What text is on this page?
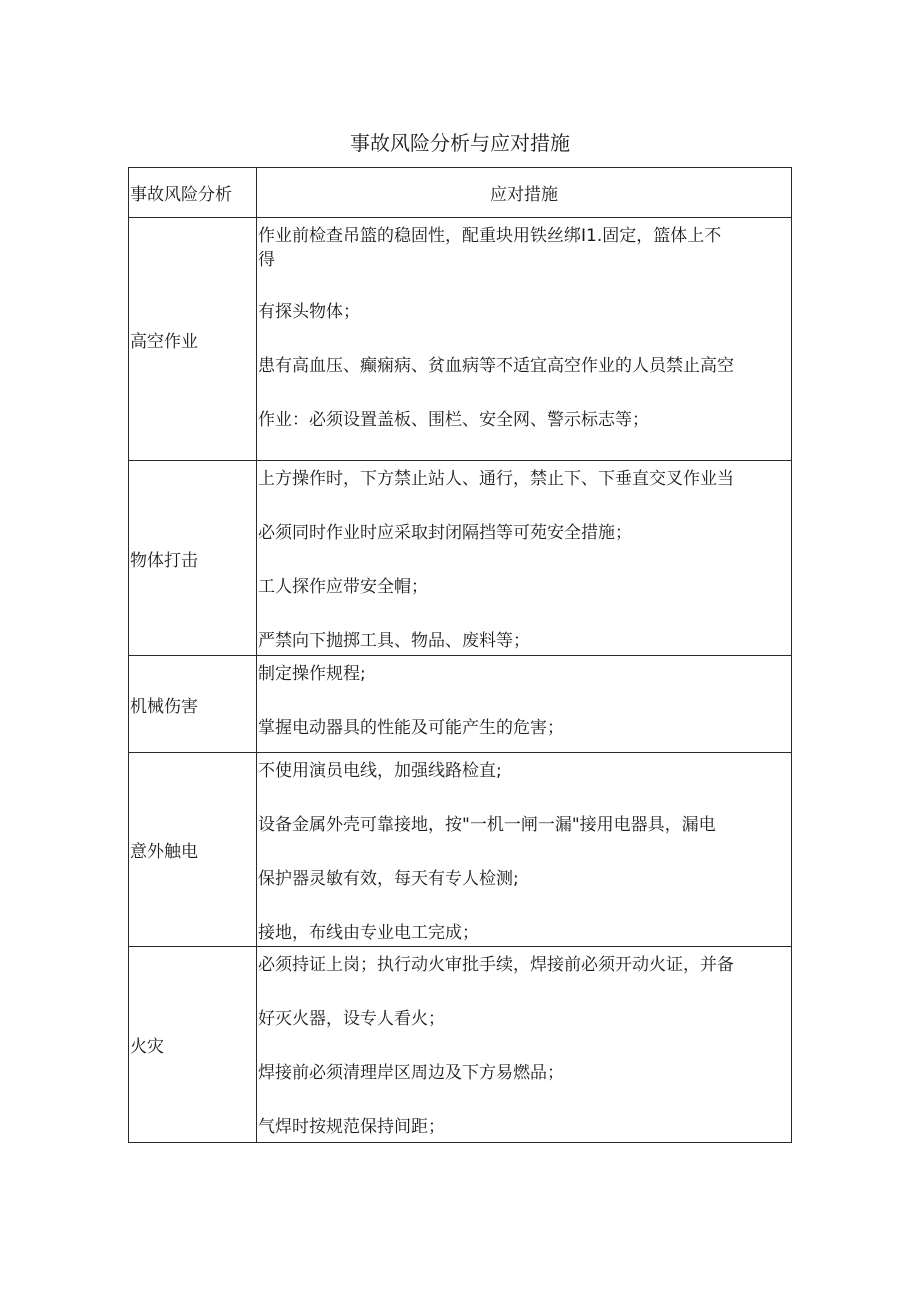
事故风险分析与应对措施
事故风险分析	应对措施
高空作业	作业前检查吊篮的稳固性，配重块用铁丝绑I1.固定，篮体上不
得
有探头物体；
患有高血压、癫痫病、贫血病等不适宜高空作业的人员禁止高空
作业：必须设置盖板、围栏、安全网、警示标志等；

物体打击	上方操作时，下方禁止站人、通行，禁止下、下垂直交叉作业当
必须同时作业时应采取封闭隔挡等可苑安全措施；
工人探作应带安全帽；
严禁向下抛掷工具、物品、废料等；

机械伤害	制定操作规程;
掌握电动器具的性能及可能产生的危害；

意外触电	不使用演员电线，加强线路检直;
设备金属外壳可靠接地，按"一机一闸一漏"接用电器具，漏电
保护器灵敏有效，每天有专人检测;
接地，布线由专业电工完成；

火灾	必须持证上岗；执行动火审批手续，焊接前必须开动火证，并备
好灭火器，设专人看火；
焊接前必须清理岸区周边及下方易燃品；
气焊时按规范保持间距；
